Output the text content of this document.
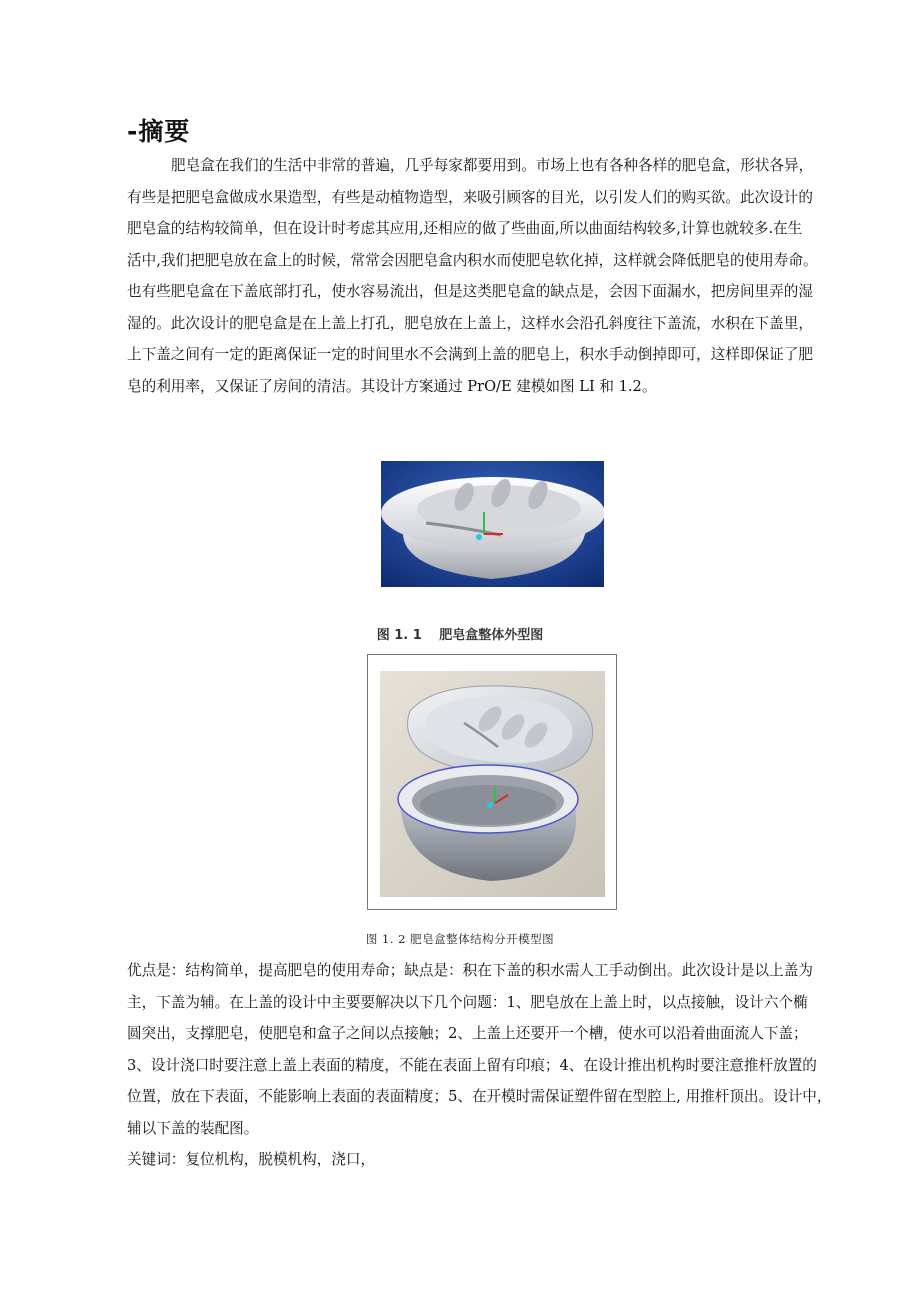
-摘要

肥皂盒在我们的生活中非常的普遍，几乎每家都要用到。市场上也有各种各样的肥皂盒，形状各异，

有些是把肥皂盒做成水果造型，有些是动植物造型，来吸引顾客的目光，以引发人们的购买欲。此次设计的

肥皂盒的结构较简单，但在设计时考虑其应用,还相应的做了些曲面,所以曲面结构较多,计算也就较多.在生

活中,我们把肥皂放在盒上的时候，常常会因肥皂盒内积水而使肥皂软化掉，这样就会降低肥皂的使用寿命。

也有些肥皂盒在下盖底部打孔，使水容易流出，但是这类肥皂盒的缺点是，会因下面漏水，把房间里弄的湿

湿的。此次设计的肥皂盒是在上盖上打孔，肥皂放在上盖上，这样水会沿孔斜度往下盖流，水积在下盖里，

上下盖之间有一定的距离保证一定的时间里水不会满到上盖的肥皂上，积水手动倒掉即可，这样即保证了肥

皂的利用率，又保证了房间的清洁。其设计方案通过 PrO/E 建模如图 LI 和 1.2。

图 1. 1　 肥皂盒整体外型图
图 1. 2 肥皂盒整体结构分开模型图

优点是：结构简单，提高肥皂的使用寿命；缺点是：积在下盖的积水需人工手动倒出。此次设计是以上盖为

主，下盖为辅。在上盖的设计中主要要解决以下几个问题：1、肥皂放在上盖上时，以点接触，设计六个椭

圆突出，支撑肥皂，使肥皂和盒子之间以点接触；2、上盖上还要开一个槽，使水可以沿着曲面流人下盖；

3、设计浇口时要注意上盖上表面的精度，不能在表面上留有印痕；4、在设计推出机构时要注意推杆放置的

位置，放在下表面，不能影响上表面的表面精度；5、在开模时需保证塑件留在型腔上, 用推杆顶出。设计中，

辅以下盖的装配图。

关键词：复位机构，脱模机构，浇口，
